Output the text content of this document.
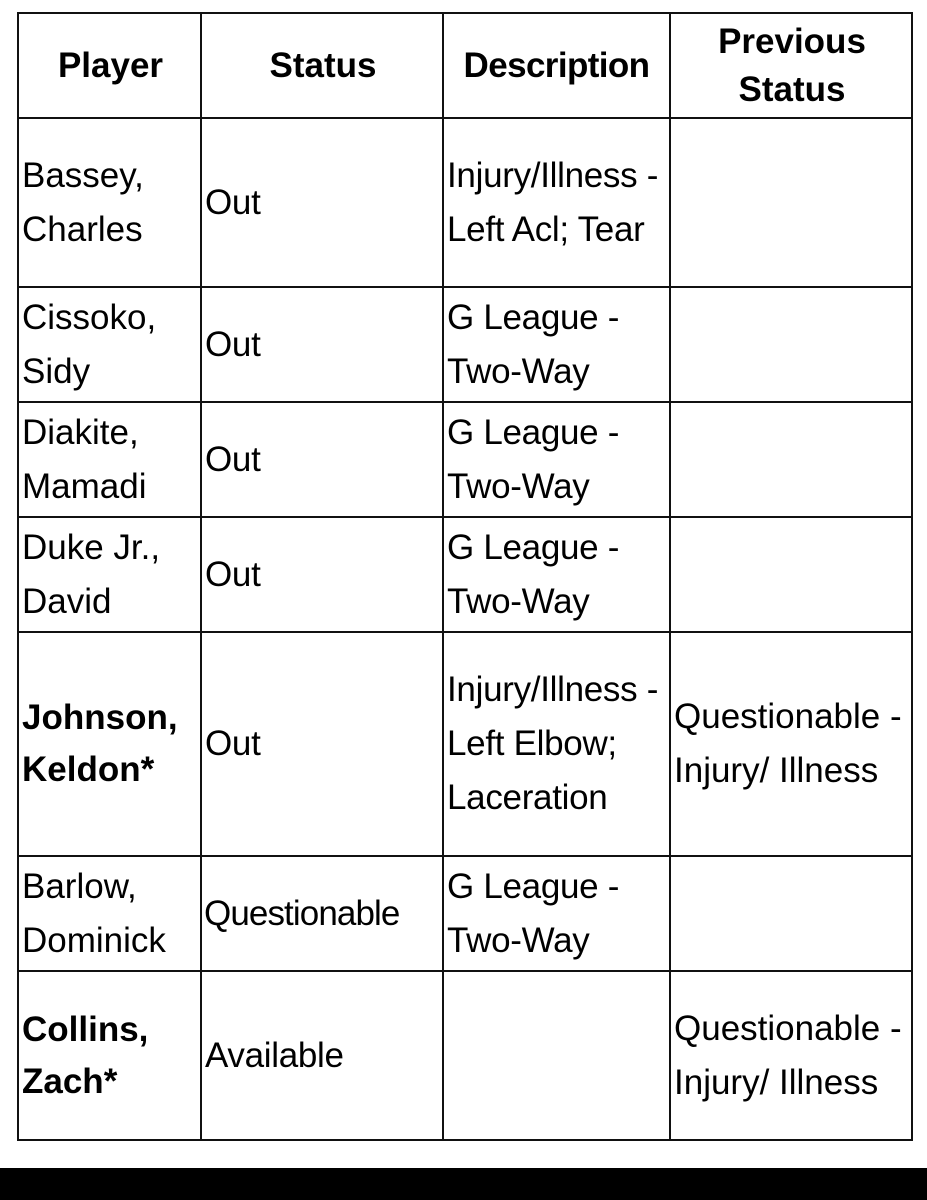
Player	Status	Description	Previous Status
Bassey, Charles	Out	Injury/Illness - Left Acl; Tear	
Cissoko, Sidy	Out	G League - Two-Way	
Diakite, Mamadi	Out	G League - Two-Way	
Duke Jr., David	Out	G League - Two-Way	
Johnson, Keldon*	Out	Injury/Illness - Left Elbow; Laceration	Questionable - Injury/ Illness
Barlow, Dominick	Questionable	G League - Two-Way	
Collins, Zach*	Available		Questionable - Injury/ Illness
